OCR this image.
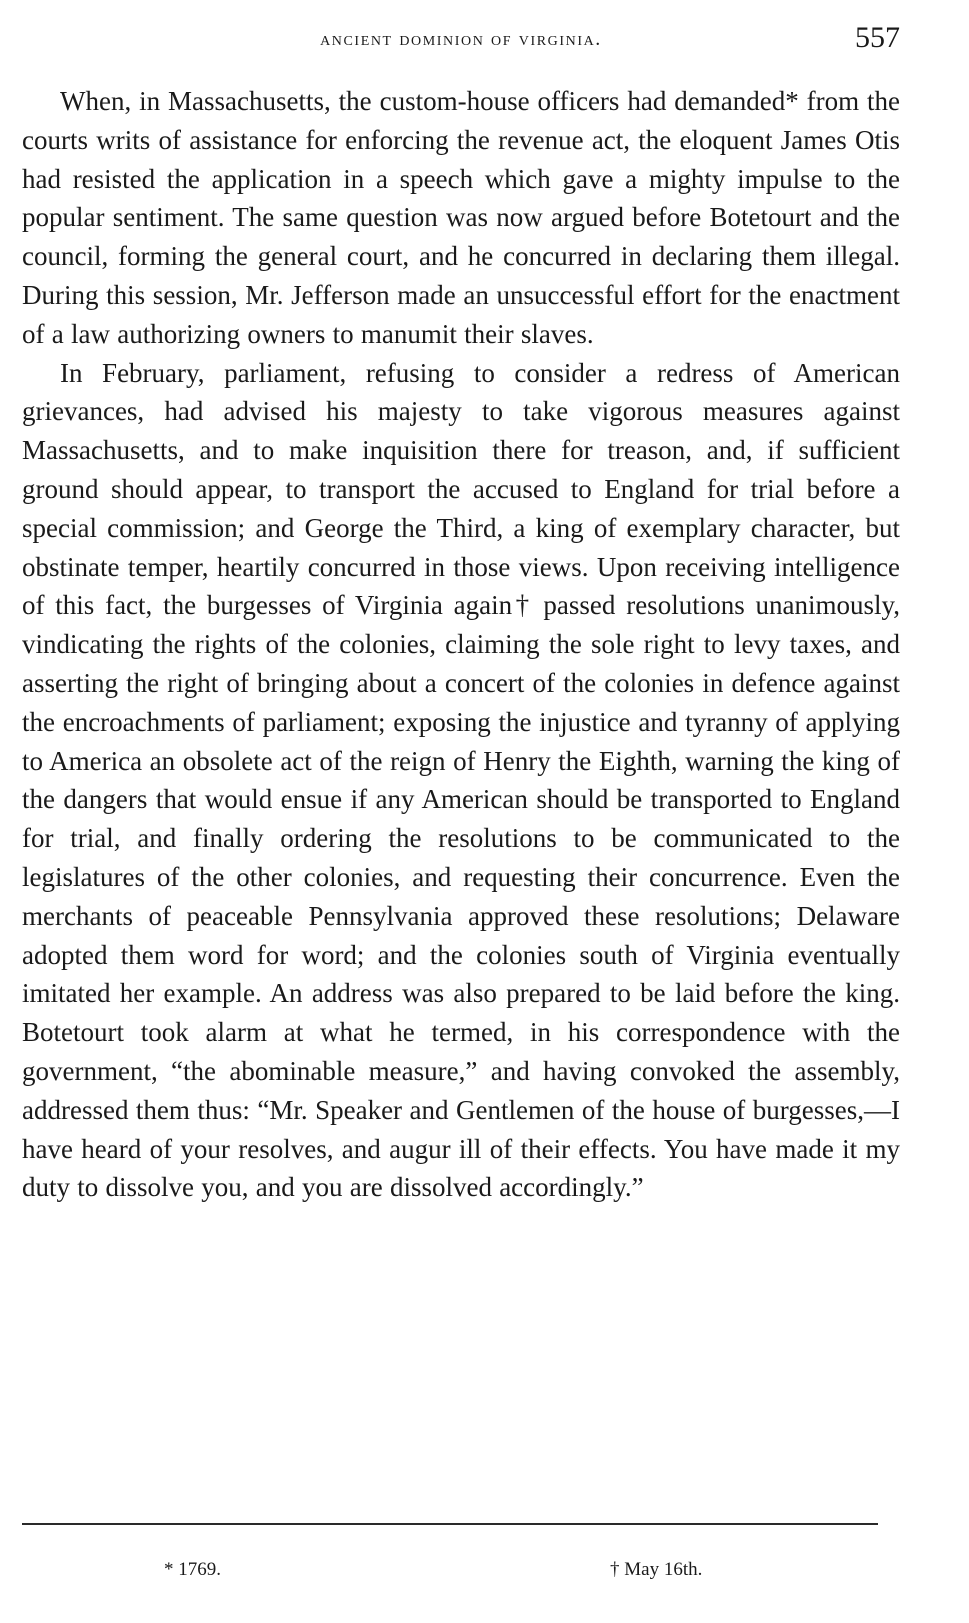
ancient dominion of virginia.	557

When, in Massachusetts, the custom-house officers had demanded* from the courts writs of assistance for enforcing the revenue act, the eloquent James Otis had resisted the application in a speech which gave a mighty impulse to the popular sentiment. The same question was now argued before Botetourt and the council, forming the general court, and he concurred in declaring them illegal. During this session, Mr. Jefferson made an unsuccessful effort for the enactment of a law authorizing owners to manumit their slaves.

In February, parliament, refusing to consider a redress of American grievances, had advised his majesty to take vigorous measures against Massachusetts, and to make inquisition there for treason, and, if sufficient ground should appear, to transport the accused to England for trial before a special commission; and George the Third, a king of exemplary character, but obstinate temper, heartily concurred in those views. Upon receiving intelligence of this fact, the burgesses of Virginia again† passed resolutions unanimously, vindicating the rights of the colonies, claiming the sole right to levy taxes, and asserting the right of bringing about a concert of the colonies in defence against the encroachments of parliament; exposing the injustice and tyranny of applying to America an obsolete act of the reign of Henry the Eighth, warning the king of the dangers that would ensue if any American should be transported to England for trial, and finally ordering the resolutions to be communicated to the legislatures of the other colonies, and requesting their concurrence. Even the merchants of peaceable Pennsylvania approved these resolutions; Delaware adopted them word for word; and the colonies south of Virginia eventually imitated her example. An address was also prepared to be laid before the king. Botetourt took alarm at what he termed, in his correspondence with the government, “the abominable measure,” and having convoked the assembly, addressed them thus: “Mr. Speaker and Gentlemen of the house of burgesses,—I have heard of your resolves, and augur ill of their effects. You have made it my duty to dissolve you, and you are dissolved accordingly.”

* 1769.	† May 16th.
